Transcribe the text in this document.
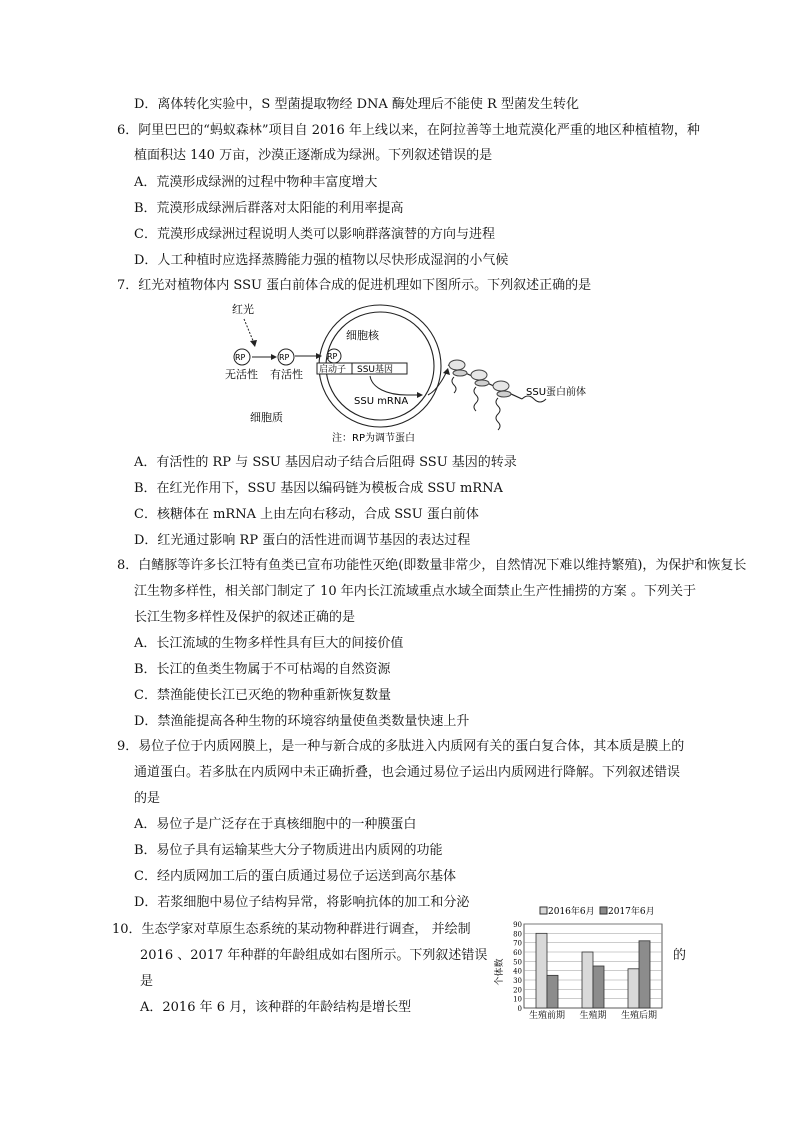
D．离体转化实验中，S 型菌提取物经 DNA 酶处理后不能使 R 型菌发生转化
6．阿里巴巴的“蚂蚁森林”项目自 2016 年上线以来，在阿拉善等土地荒漠化严重的地区种植植物，种
植面积达 140 万亩，沙漠正逐渐成为绿洲。下列叙述错误的是
A．荒漠形成绿洲的过程中物种丰富度增大
B．荒漠形成绿洲后群落对太阳能的利用率提高
C．荒漠形成绿洲过程说明人类可以影响群落演替的方向与进程
D．人工种植时应选择蒸腾能力强的植物以尽快形成湿润的小气候
7．红光对植物体内 SSU 蛋白前体合成的促进机理如下图所示。下列叙述正确的是
红光
RP
无活性
RP
有活性
细胞核
RP
启动子 SSU基因
SSU mRNA
细胞质
SSU蛋白前体
注：RP为调节蛋白
A．有活性的 RP 与 SSU 基因启动子结合后阻碍 SSU 基因的转录
B．在红光作用下，SSU 基因以编码链为模板合成 SSU mRNA
C．核糖体在 mRNA 上由左向右移动，合成 SSU 蛋白前体
D．红光通过影响 RP 蛋白的活性进而调节基因的表达过程
8．白鳍豚等许多长江特有鱼类已宣布功能性灭绝(即数量非常少，自然情况下难以维持繁殖)，为保护和恢复长
江生物多样性，相关部门制定了 10 年内长江流域重点水域全面禁止生产性捕捞的方案 。下列关于
长江生物多样性及保护的叙述正确的是
A．长江流域的生物多样性具有巨大的间接价值
B．长江的鱼类生物属于不可枯竭的自然资源
C．禁渔能使长江已灭绝的物种重新恢复数量
D．禁渔能提高各种生物的环境容纳量使鱼类数量快速上升
9．易位子位于内质网膜上，是一种与新合成的多肽进入内质网有关的蛋白复合体，其本质是膜上的
通道蛋白。若多肽在内质网中未正确折叠，也会通过易位子运出内质网进行降解。下列叙述错误
的是
A．易位子是广泛存在于真核细胞中的一种膜蛋白
B．易位子具有运输某些大分子物质进出内质网的功能
C．经内质网加工后的蛋白质通过易位子运送到高尔基体
D．若浆细胞中易位子结构异常，将影响抗体的加工和分泌
10．生态学家对草原生态系统的某动物种群进行调查， 并绘制
2016 、2017 年种群的年龄组成如右图所示。下列叙述错误	的
是
A．2016 年 6 月，该种群的年龄结构是增长型
2016年6月 2017年6月
个体数
0
10
20
30
40
50
60
70
80
90
生殖前期 生殖期 生殖后期
